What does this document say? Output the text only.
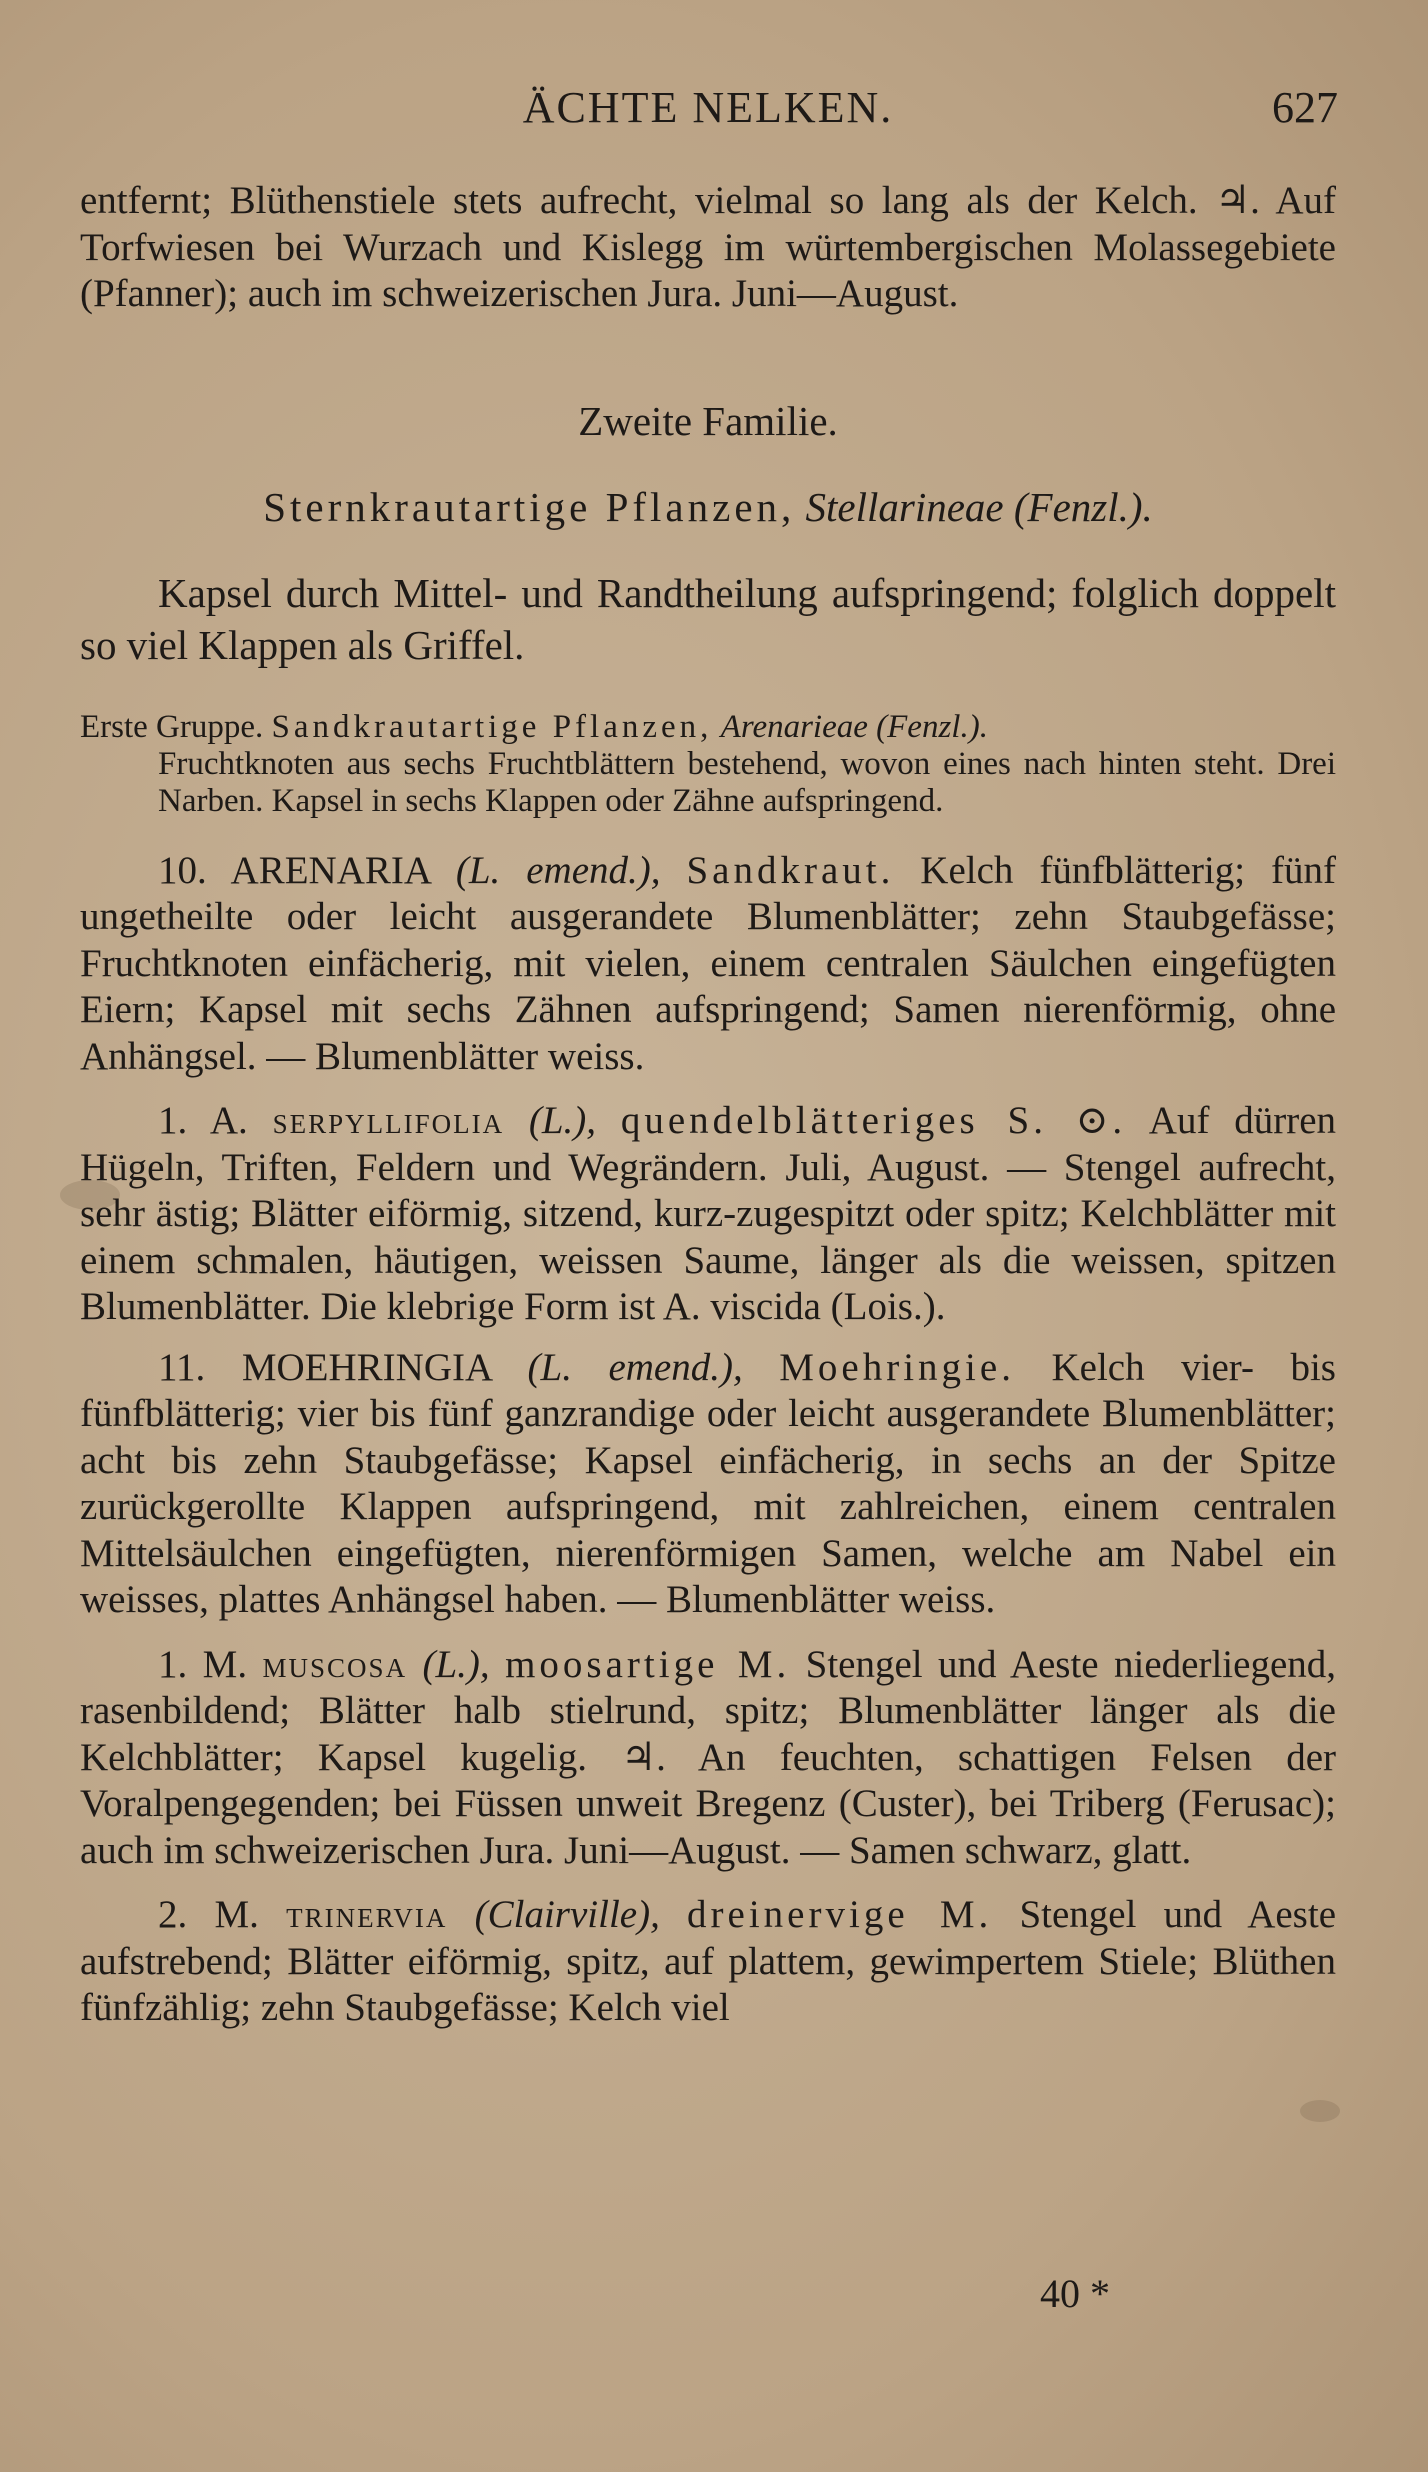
ÄCHTE NELKEN.	627

entfernt; Blüthenstiele stets aufrecht, vielmal so lang als der Kelch. ♃. Auf Torfwiesen bei Wurzach und Kislegg im würtembergischen Molassegebiete (Pfanner); auch im schweizerischen Jura. Juni—August.

Zweite Familie.

Sternkrautartige Pflanzen, Stellarineae (Fenzl.).

Kapsel durch Mittel- und Randtheilung aufspringend; folglich doppelt so viel Klappen als Griffel.

Erste Gruppe. Sandkrautartige Pflanzen, Arenarieae (Fenzl.).

Fruchtknoten aus sechs Fruchtblättern bestehend, wovon eines nach hinten steht. Drei Narben. Kapsel in sechs Klappen oder Zähne aufspringend.

10. ARENARIA (L. emend.), Sandkraut. Kelch fünfblätterig; fünf ungetheilte oder leicht ausgerandete Blumenblätter; zehn Staubgefässe; Fruchtknoten einfächerig, mit vielen, einem centralen Säulchen eingefügten Eiern; Kapsel mit sechs Zähnen aufspringend; Samen nierenförmig, ohne Anhängsel. — Blumenblätter weiss.

1. A. serpyllifolia (L.), quendelblätteriges S. ⊙. Auf dürren Hügeln, Triften, Feldern und Wegrändern. Juli, August. — Stengel aufrecht, sehr ästig; Blätter eiförmig, sitzend, kurz-zugespitzt oder spitz; Kelchblätter mit einem schmalen, häutigen, weissen Saume, länger als die weissen, spitzen Blumenblätter. Die klebrige Form ist A. viscida (Lois.).

11. MOEHRINGIA (L. emend.), Moehringie. Kelch vier- bis fünfblätterig; vier bis fünf ganzrandige oder leicht ausgerandete Blumenblätter; acht bis zehn Staubgefässe; Kapsel einfächerig, in sechs an der Spitze zurückgerollte Klappen aufspringend, mit zahlreichen, einem centralen Mittelsäulchen eingefügten, nierenförmigen Samen, welche am Nabel ein weisses, plattes Anhängsel haben. — Blumenblätter weiss.

1. M. muscosa (L.), moosartige M. Stengel und Aeste niederliegend, rasenbildend; Blätter halb stielrund, spitz; Blumenblätter länger als die Kelchblätter; Kapsel kugelig. ♃. An feuchten, schattigen Felsen der Voralpengegenden; bei Füssen unweit Bregenz (Custer), bei Triberg (Ferusac); auch im schweizerischen Jura. Juni—August. — Samen schwarz, glatt.

2. M. trinervia (Clairville), dreinervige M. Stengel und Aeste aufstrebend; Blätter eiförmig, spitz, auf plattem, gewimpertem Stiele; Blüthen fünfzählig; zehn Staubgefässe; Kelch viel

40 *
